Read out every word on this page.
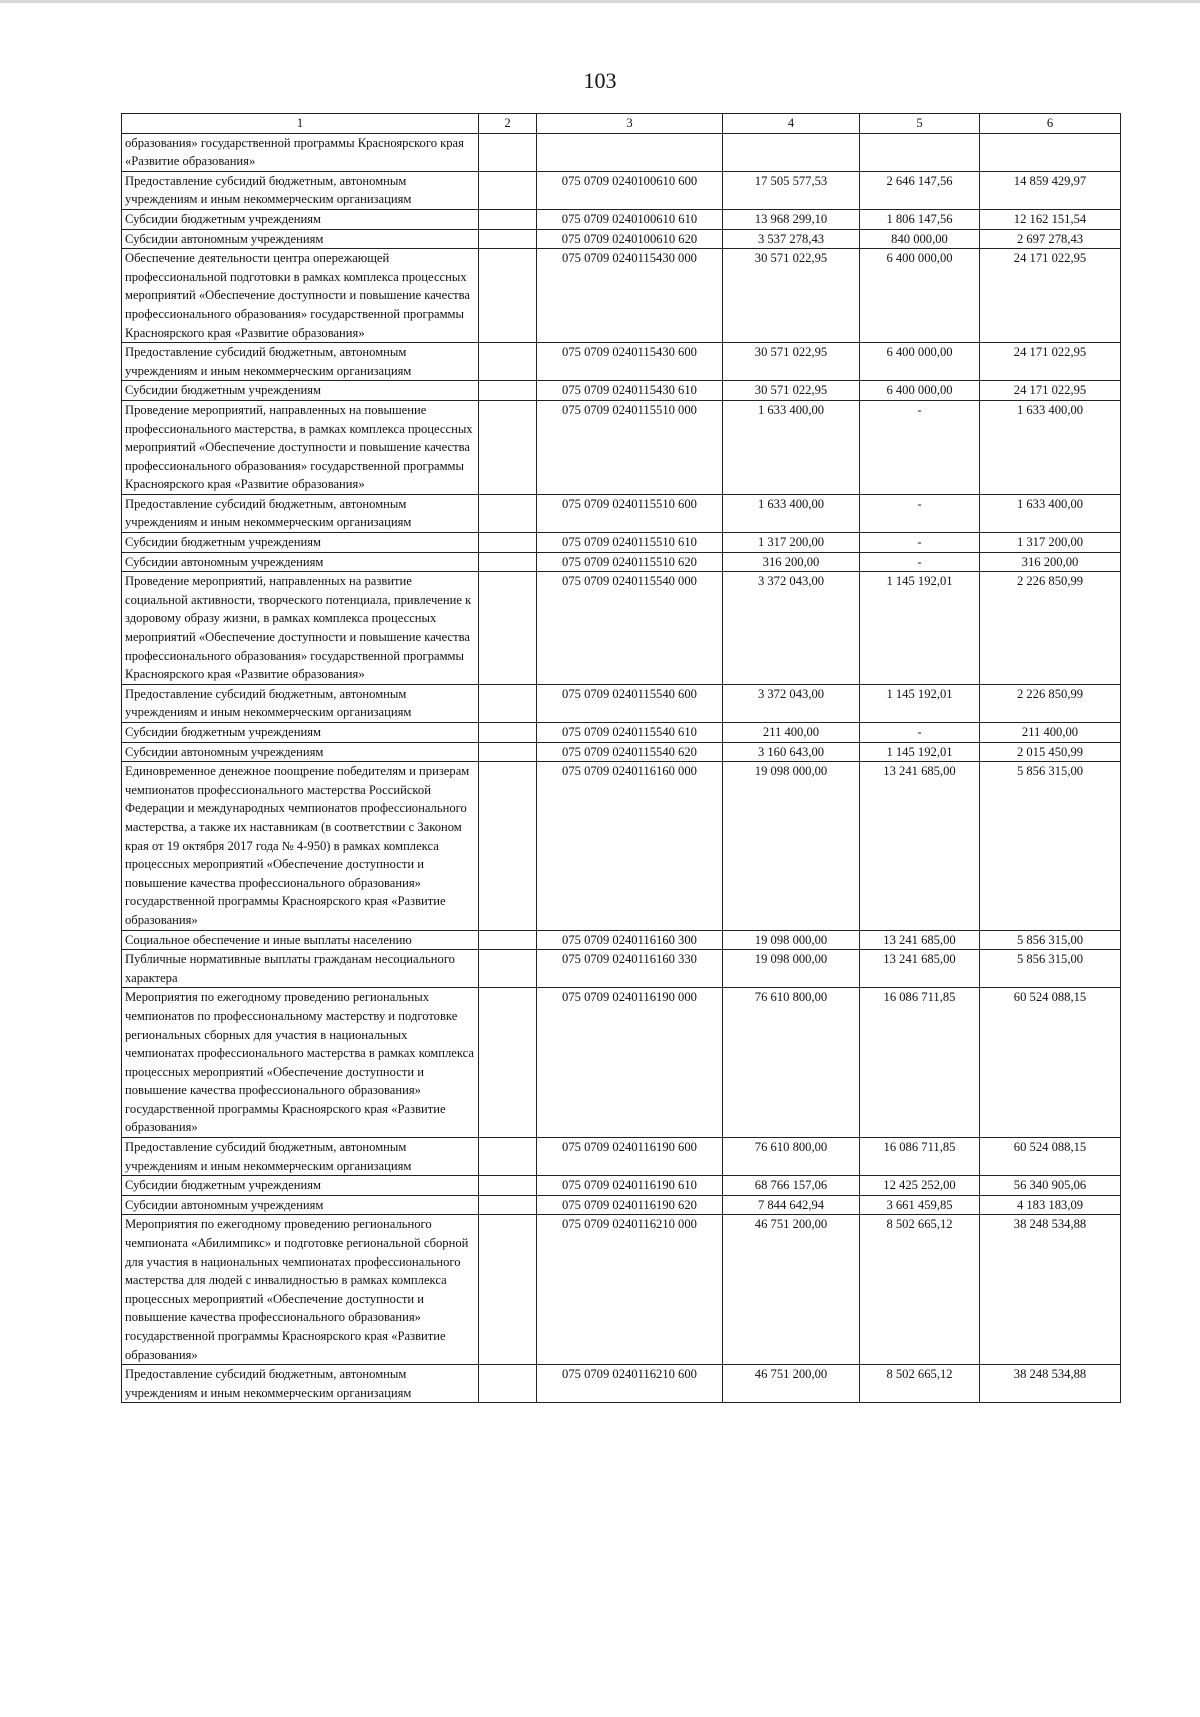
103
1	2	3	4	5	6
образования» государственной программы Красноярского края «Развитие образования»					
Предоставление субсидий бюджетным, автономным учреждениям и иным некоммерческим организациям		075 0709 0240100610 600	17 505 577,53	2 646 147,56	14 859 429,97
Субсидии бюджетным учреждениям		075 0709 0240100610 610	13 968 299,10	1 806 147,56	12 162 151,54
Субсидии автономным учреждениям		075 0709 0240100610 620	3 537 278,43	840 000,00	2 697 278,43
Обеспечение деятельности центра опережающей профессиональной подготовки в рамках комплекса процессных мероприятий «Обеспечение доступности и повышение качества профессионального образования» государственной программы Красноярского края «Развитие образования»		075 0709 0240115430 000	30 571 022,95	6 400 000,00	24 171 022,95
Предоставление субсидий бюджетным, автономным учреждениям и иным некоммерческим организациям		075 0709 0240115430 600	30 571 022,95	6 400 000,00	24 171 022,95
Субсидии бюджетным учреждениям		075 0709 0240115430 610	30 571 022,95	6 400 000,00	24 171 022,95
Проведение мероприятий, направленных на повышение профессионального мастерства, в рамках комплекса процессных мероприятий «Обеспечение доступности и повышение качества профессионального образования» государственной программы Красноярского края «Развитие образования»		075 0709 0240115510 000	1 633 400,00	-	1 633 400,00
Предоставление субсидий бюджетным, автономным учреждениям и иным некоммерческим организациям		075 0709 0240115510 600	1 633 400,00	-	1 633 400,00
Субсидии бюджетным учреждениям		075 0709 0240115510 610	1 317 200,00	-	1 317 200,00
Субсидии автономным учреждениям		075 0709 0240115510 620	316 200,00	-	316 200,00
Проведение мероприятий, направленных на развитие социальной активности, творческого потенциала, привлечение к здоровому образу жизни, в рамках комплекса процессных мероприятий «Обеспечение доступности и повышение качества профессионального образования» государственной программы Красноярского края «Развитие образования»		075 0709 0240115540 000	3 372 043,00	1 145 192,01	2 226 850,99
Предоставление субсидий бюджетным, автономным учреждениям и иным некоммерческим организациям		075 0709 0240115540 600	3 372 043,00	1 145 192,01	2 226 850,99
Субсидии бюджетным учреждениям		075 0709 0240115540 610	211 400,00	-	211 400,00
Субсидии автономным учреждениям		075 0709 0240115540 620	3 160 643,00	1 145 192,01	2 015 450,99
Единовременное денежное поощрение победителям и призерам чемпионатов профессионального мастерства Российской Федерации и международных чемпионатов профессионального мастерства, а также их наставникам (в соответствии с Законом края от 19 октября 2017 года № 4-950) в рамках комплекса процессных мероприятий «Обеспечение доступности и повышение качества профессионального образования» государственной программы Красноярского края «Развитие образования»		075 0709 0240116160 000	19 098 000,00	13 241 685,00	5 856 315,00
Социальное обеспечение и иные выплаты населению		075 0709 0240116160 300	19 098 000,00	13 241 685,00	5 856 315,00
Публичные нормативные выплаты гражданам несоциального характера		075 0709 0240116160 330	19 098 000,00	13 241 685,00	5 856 315,00
Мероприятия по ежегодному проведению региональных чемпионатов по профессиональному мастерству и подготовке региональных сборных для участия в национальных чемпионатах профессионального мастерства в рамках комплекса процессных мероприятий «Обеспечение доступности и повышение качества профессионального образования» государственной программы Красноярского края «Развитие образования»		075 0709 0240116190 000	76 610 800,00	16 086 711,85	60 524 088,15
Предоставление субсидий бюджетным, автономным учреждениям и иным некоммерческим организациям		075 0709 0240116190 600	76 610 800,00	16 086 711,85	60 524 088,15
Субсидии бюджетным учреждениям		075 0709 0240116190 610	68 766 157,06	12 425 252,00	56 340 905,06
Субсидии автономным учреждениям		075 0709 0240116190 620	7 844 642,94	3 661 459,85	4 183 183,09
Мероприятия по ежегодному проведению регионального чемпионата «Абилимпикс» и подготовке региональной сборной для участия в национальных чемпионатах профессионального мастерства для людей с инвалидностью в рамках комплекса процессных мероприятий «Обеспечение доступности и повышение качества профессионального образования» государственной программы Красноярского края «Развитие образования»		075 0709 0240116210 000	46 751 200,00	8 502 665,12	38 248 534,88
Предоставление субсидий бюджетным, автономным учреждениям и иным некоммерческим организациям		075 0709 0240116210 600	46 751 200,00	8 502 665,12	38 248 534,88
